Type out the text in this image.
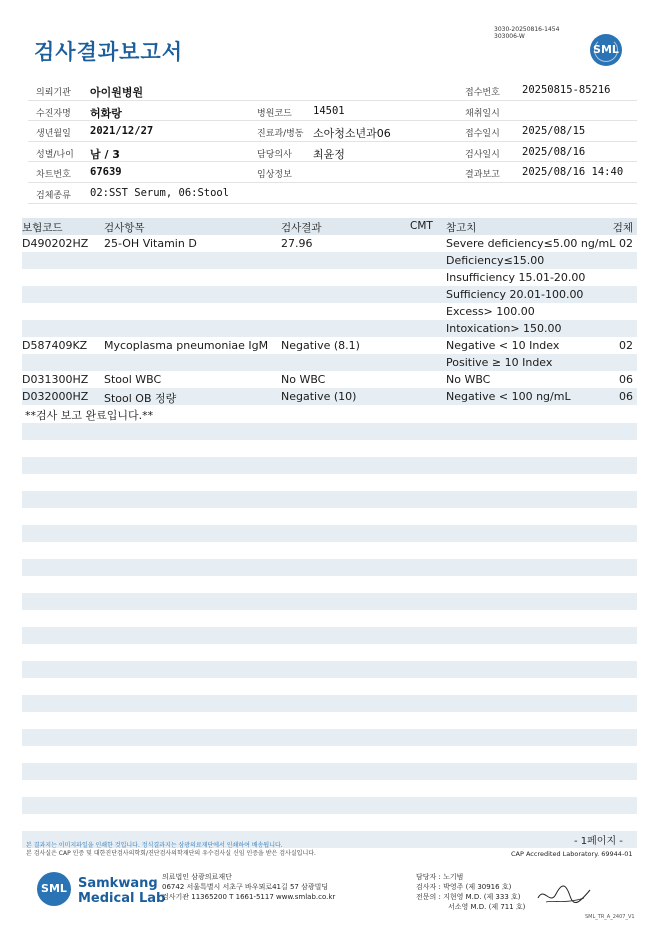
검사결과보고서
3030-20250816-1454
303006-W
SML
의뢰기관 아이원병원	접수번호 20250815-85216
수진자명 허화랑	병원코드 14501	채취일시
생년월일 2021/12/27	진료과/병동 소아청소년과06	접수일시 2025/08/15
성별/나이 남 / 3	담당의사 최윤정	검사일시 2025/08/16
차트번호 67639	임상정보	결과보고 2025/08/16 14:40
검체종류 02:SST Serum, 06:Stool
보험코드	검사항목	검사결과	CMT 참고치	검체
D490202HZ 25-OH Vitamin D	27.96	Severe deficiency≤5.00 ng/mL 02
Deficiency≤15.00
Insufficiency 15.01-20.00
Sufficiency 20.01-100.00
Excess> 100.00
Intoxication> 150.00
D587409KZ Mycoplasma pneumoniae IgM Negative (8.1)	Negative < 10 Index	02
Positive ≥ 10 Index
D031300HZ Stool WBC	No WBC	No WBC	06
D032000HZ Stool OB 정량	Negative (10)	Negative < 100 ng/mL	06
**검사 보고 완료입니다.**
- 1페이지 -
본 결과지는 이미지파일을 인쇄한 것입니다. 정식결과지는 삼광의료재단에서 인쇄하여 배송됩니다.
본 검사실은 CAP 인증 및 대한진단검사의학회/진단검사의학재단의 우수검사실 신임 인증을 받은 검사실입니다.	CAP Accredited Laboratory. 69944-01
SML Samkwang
Medical Lab
의료법인 삼광의료재단
06742 서울특별시 서초구 바우뫼로41길 57 삼광빌딩
검사기관 11365200 T 1661-5117 www.smlab.co.kr
담당자 : 노기범
검사자 : 박영주 (제 30916 호)
전문의 : 지현영 M.D. (제 333 호)
서소영 M.D. (제 711 호)
SML_TR_A_2407_V1
